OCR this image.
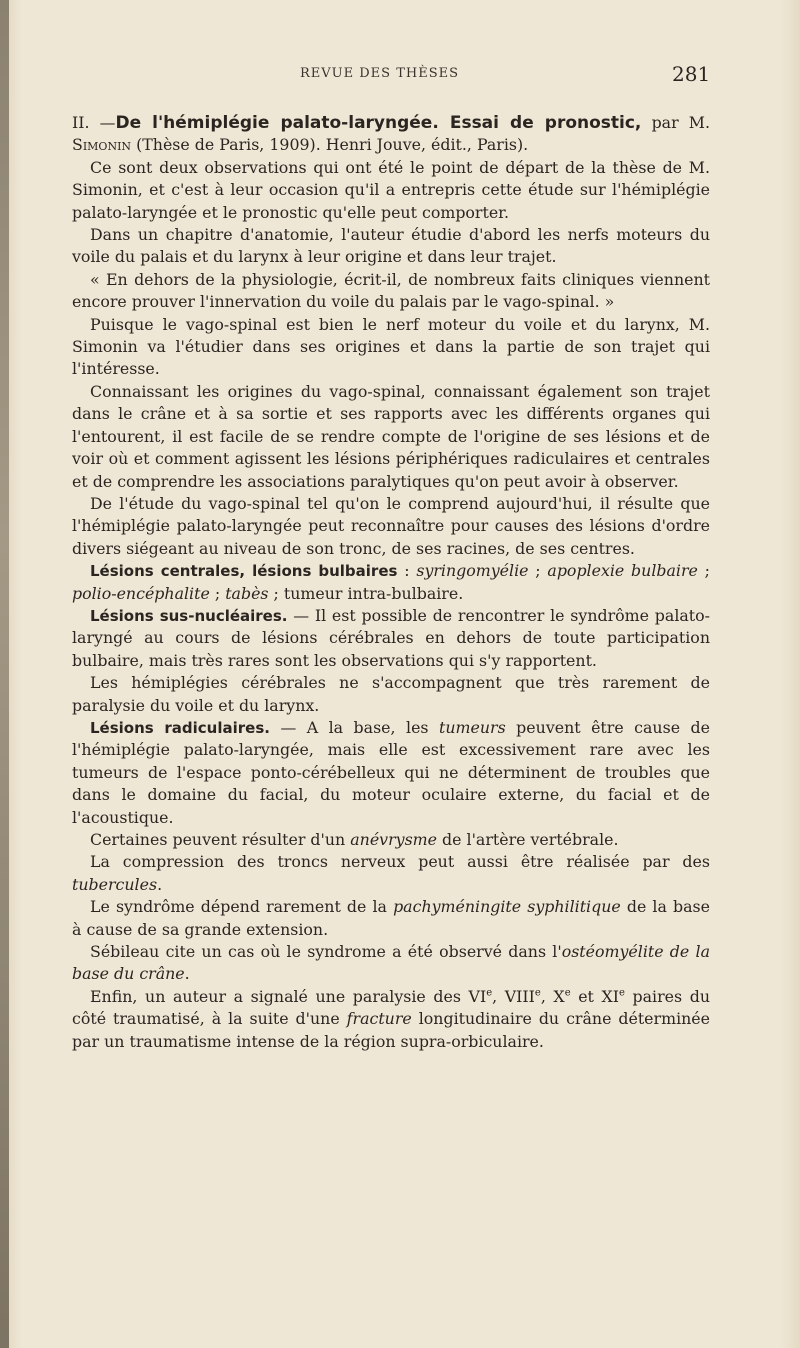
REVUE DES THÈSES	281

II. —De l'hémiplégie palato-laryngée. Essai de pronostic, par M. Simonin (Thèse de Paris, 1909). Henri Jouve, édit., Paris).

Ce sont deux observations qui ont été le point de départ de la thèse de M. Simonin, et c'est à leur occasion qu'il a entrepris cette étude sur l'hémiplégie palato-laryngée et le pronostic qu'elle peut comporter.

Dans un chapitre d'anatomie, l'auteur étudie d'abord les nerfs moteurs du voile du palais et du larynx à leur origine et dans leur trajet.

« En dehors de la physiologie, écrit-il, de nombreux faits cliniques viennent encore prouver l'innervation du voile du palais par le vago-spinal. »

Puisque le vago-spinal est bien le nerf moteur du voile et du larynx, M. Simonin va l'étudier dans ses origines et dans la partie de son trajet qui l'intéresse.

Connaissant les origines du vago-spinal, connaissant également son trajet dans le crâne et à sa sortie et ses rapports avec les différents organes qui l'entourent, il est facile de se rendre compte de l'origine de ses lésions et de voir où et comment agissent les lésions périphériques radiculaires et centrales et de comprendre les associations paralytiques qu'on peut avoir à observer.

De l'étude du vago-spinal tel qu'on le comprend aujourd'hui, il résulte que l'hémiplégie palato-laryngée peut reconnaître pour causes des lésions d'ordre divers siégeant au niveau de son tronc, de ses racines, de ses centres.

Lésions centrales, lésions bulbaires : syringomyélie ; apoplexie bulbaire ; polio-encéphalite ; tabès ; tumeur intra-bulbaire.

Lésions sus-nucléaires. — Il est possible de rencontrer le syndrôme palato-laryngé au cours de lésions cérébrales en dehors de toute participation bulbaire, mais très rares sont les observations qui s'y rapportent.

Les hémiplégies cérébrales ne s'accompagnent que très rarement de paralysie du voile et du larynx.

Lésions radiculaires. — A la base, les tumeurs peuvent être cause de l'hémiplégie palato-laryngée, mais elle est excessivement rare avec les tumeurs de l'espace ponto-cérébelleux qui ne déterminent de troubles que dans le domaine du facial, du moteur oculaire externe, du facial et de l'acoustique.

Certaines peuvent résulter d'un anévrysme de l'artère vertébrale.

La compression des troncs nerveux peut aussi être réalisée par des tubercules.

Le syndrôme dépend rarement de la pachyméningite syphilitique de la base à cause de sa grande extension.

Sébileau cite un cas où le syndrome a été observé dans l'ostéomyélite de la base du crâne.

Enfin, un auteur a signalé une paralysie des VIe, VIIIe, Xe et XIe paires du côté traumatisé, à la suite d'une fracture longitudinaire du crâne déterminée par un traumatisme intense de la région supra-orbiculaire.
